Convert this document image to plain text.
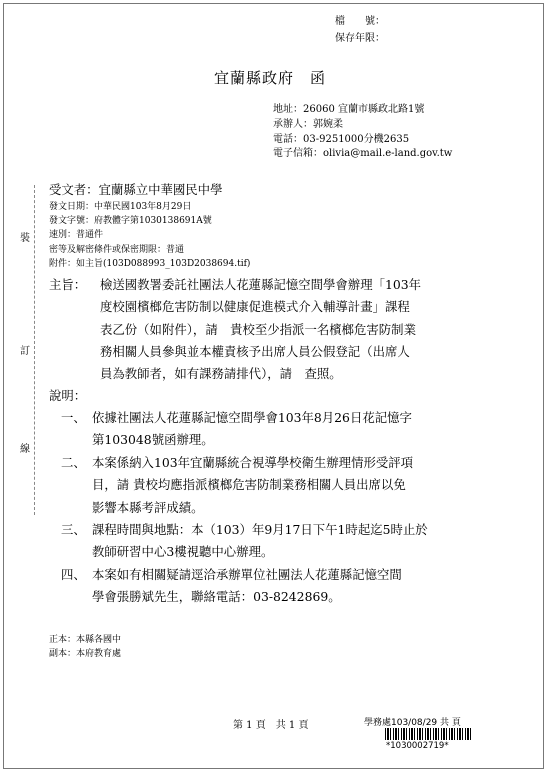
檔　　號：
保存年限：
宜蘭縣政府　函
地址：26060 宜蘭市縣政北路1號
承辦人：郭婉柔
電話：03-9251000分機2635
電子信箱：olivia@mail.e-land.gov.tw
裝
訂
線
受文者：宜蘭縣立中華國民中學
發文日期：中華民國103年8月29日
發文字號：府教體字第1030138691A號
速別：普通件
密等及解密條件或保密期限：普通
附件：如主旨(103D088993_103D2038694.tif)
主旨： 檢送國教署委託社團法人花蓮縣記憶空間學會辦理「103年
度校園檳榔危害防制以健康促進模式介入輔導計畫」課程
表乙份（如附件），請　貴校至少指派一名檳榔危害防制業
務相關人員參與並本權責核予出席人員公假登記（出席人
員為教師者，如有課務請排代），請　查照。
說明：
一、 依據社團法人花蓮縣記憶空間學會103年8月26日花記憶字
第103048號函辦理。
二、 本案係納入103年宜蘭縣統合視導學校衛生辦理情形受評項
目，請 貴校均應指派檳榔危害防制業務相關人員出席以免
影響本縣考評成績。
三、 課程時間與地點：本（103）年9月17日下午1時起迄5時止於
教師研習中心3樓視聽中心辦理。
四、 本案如有相關疑請逕洽承辦單位社團法人花蓮縣記憶空間
學會張勝斌先生，聯絡電話：03-8242869。
正本：本縣各國中
副本：本府教育處
第 1 頁　共 1 頁	學務處103/08/29 共 頁
*1030002719*
